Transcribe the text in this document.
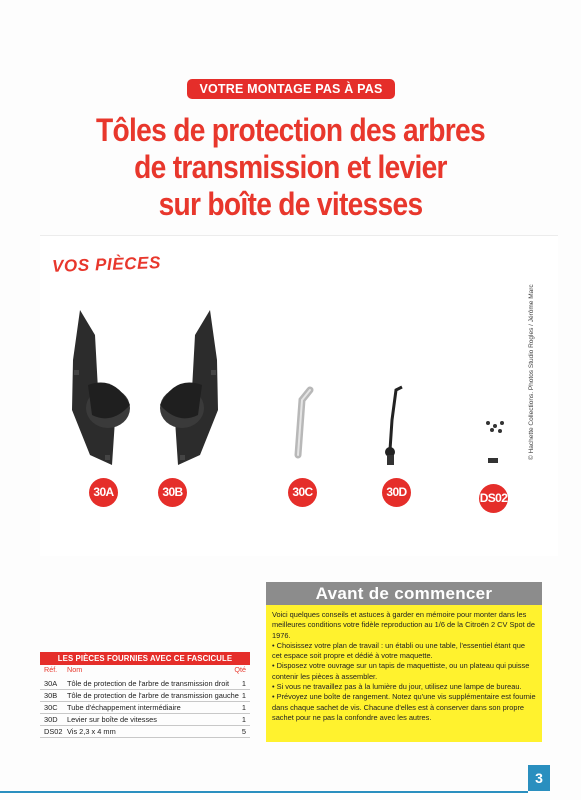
VOTRE MONTAGE PAS À PAS
Tôles de protection des arbres
de transmission et levier
sur boîte de vitesses
VOS PIÈCES
30A	30B	30C	30D	DS02
© Hachette Collections. Photos Studio Rogles / Jérôme Marc
Avant de commencer

Voici quelques conseils et astuces à garder en mémoire pour monter dans les meilleures conditions votre fidèle reproduction au 1/6 de la Citroën 2 CV Spot de 1976.

• Choisissez votre plan de travail : un établi ou une table, l'essentiel étant que cet espace soit propre et dédié à votre maquette.

• Disposez votre ouvrage sur un tapis de maquettiste, ou un plateau qui puisse contenir les pièces à assembler.

• Si vous ne travaillez pas à la lumière du jour, utilisez une lampe de bureau.

• Prévoyez une boîte de rangement. Notez qu'une vis supplémentaire est fournie dans chaque sachet de vis. Chacune d'elles est à conserver dans son propre sachet pour ne pas la confondre avec les autres.

LES PIÈCES FOURNIES AVEC CE FASCICULE
Réf. Nom	Qté
30A Tôle de protection de l'arbre de transmission droit 1
30B Tôle de protection de l'arbre de transmission gauche 1
30C Tube d'échappement intermédiaire	1
30D Levier sur boîte de vitesses	1
DS02 Vis 2,3 x 4 mm	5
3
